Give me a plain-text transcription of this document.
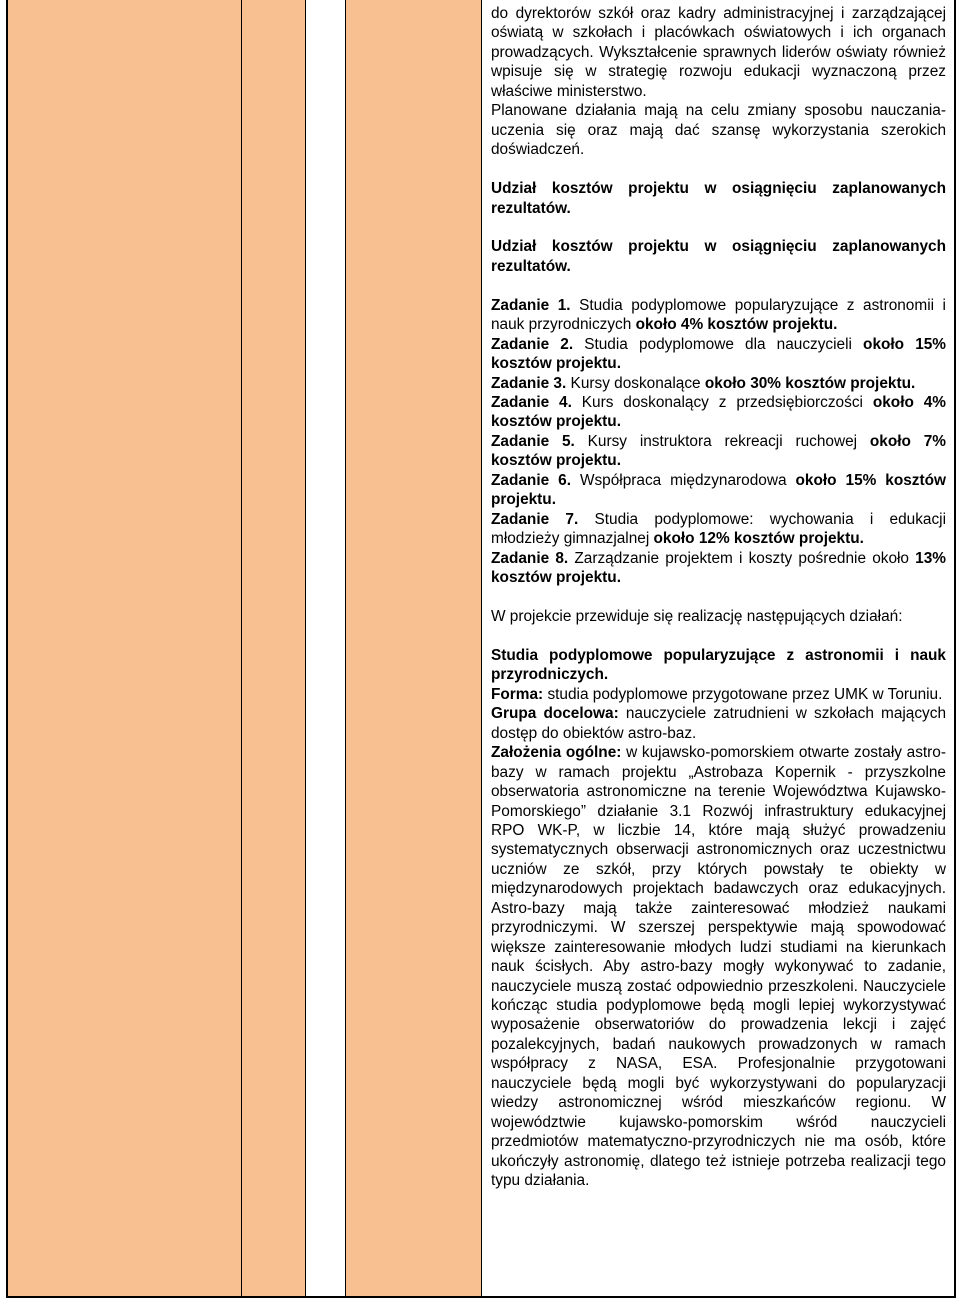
do dyrektorów szkół oraz kadry administracyjnej i zarządzającej oświatą w szkołach i placówkach oświatowych i ich organach prowadzących. Wykształcenie sprawnych liderów oświaty również wpisuje się w strategię rozwoju edukacji wyznaczoną przez właściwe ministerstwo.

Planowane działania mają na celu zmiany sposobu nauczania-uczenia się oraz mają dać szansę wykorzystania szerokich doświadczeń.

Udział kosztów projektu w osiągnięciu zaplanowanych rezultatów.

Udział kosztów projektu w osiągnięciu zaplanowanych rezultatów.

Zadanie 1. Studia podyplomowe popularyzujące z astronomii i nauk przyrodniczych około 4% kosztów projektu.

Zadanie 2. Studia podyplomowe dla nauczycieli około 15% kosztów projektu.

Zadanie 3. Kursy doskonalące około 30% kosztów projektu.

Zadanie 4. Kurs doskonalący z przedsiębiorczości około 4% kosztów projektu.

Zadanie 5. Kursy instruktora rekreacji ruchowej około 7% kosztów projektu.

Zadanie 6. Współpraca międzynarodowa około 15% kosztów projektu.

Zadanie 7. Studia podyplomowe: wychowania i edukacji młodzieży gimnazjalnej około 12% kosztów projektu.

Zadanie 8. Zarządzanie projektem i koszty pośrednie około 13% kosztów projektu.

W projekcie przewiduje się realizację następujących działań:

Studia podyplomowe popularyzujące z astronomii i nauk przyrodniczych.

Forma: studia podyplomowe przygotowane przez UMK w Toruniu.

Grupa docelowa: nauczyciele zatrudnieni w szkołach mających dostęp do obiektów astro-baz.

Założenia ogólne: w kujawsko-pomorskiem otwarte zostały astro-bazy w ramach projektu „Astrobaza Kopernik - przyszkolne obserwatoria astronomiczne na terenie Województwa Kujawsko-Pomorskiego” działanie 3.1 Rozwój infrastruktury edukacyjnej RPO WK-P, w liczbie 14, które mają służyć prowadzeniu systematycznych obserwacji astronomicznych oraz uczestnictwu uczniów ze szkół, przy których powstały te obiekty w międzynarodowych projektach badawczych oraz edukacyjnych. Astro-bazy mają także zainteresować młodzież naukami przyrodniczymi. W szerszej perspektywie mają spowodować większe zainteresowanie młodych ludzi studiami na kierunkach nauk ścisłych. Aby astro-bazy mogły wykonywać to zadanie, nauczyciele muszą zostać odpowiednio przeszkoleni. Nauczyciele kończąc studia podyplomowe będą mogli lepiej wykorzystywać wyposażenie obserwatoriów do prowadzenia lekcji i zajęć pozalekcyjnych, badań naukowych prowadzonych w ramach współpracy z NASA, ESA. Profesjonalnie przygotowani nauczyciele będą mogli być wykorzystywani do popularyzacji wiedzy astronomicznej wśród mieszkańców regionu. W województwie kujawsko-pomorskim wśród nauczycieli przedmiotów matematyczno-przyrodniczych nie ma osób, które ukończyły astronomię, dlatego też istnieje potrzeba realizacji tego typu działania.
